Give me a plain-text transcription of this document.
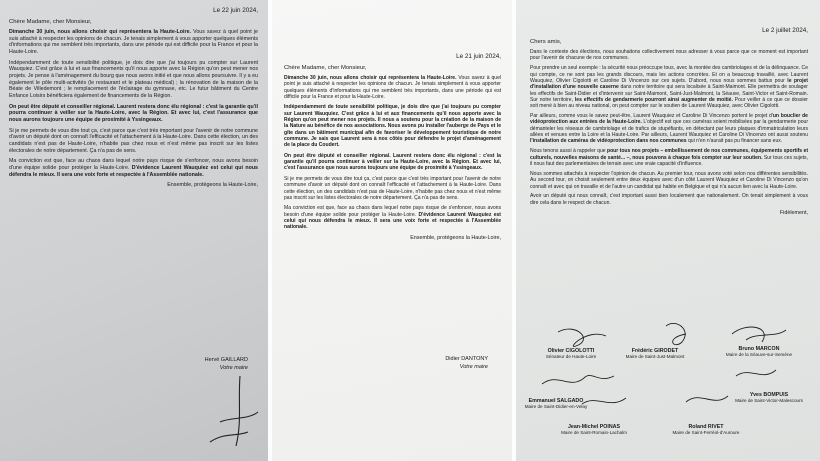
Le 22 juin 2024,
Chère Madame, cher Monsieur,

Dimanche 30 juin, nous allons choisir qui représentera la Haute-Loire. Vous savez à quel point je suis attaché à respecter les opinions de chacun. Je tenais simplement à vous apporter quelques éléments d'informations qui me semblent très importants, dans une période qui est difficile pour la France et pour la Haute-Loire.

Indépendamment de toute sensibilité politique, je dois dire que j'ai toujours pu compter sur Laurent Wauquiez. C'est grâce à lui et aux financements qu'il nous apporte avec la Région qu'on peut mener nos projets. Je pense à l'aménagement du bourg que nous avons initié et que nous allons poursuivre. Il y a eu également le pôle multi-activités (le restaurant et le plateau médical) ; la rénovation de la maison de la Béate de Villedemont ; le remplacement de l'éclairage du gymnase, etc. Le futur bâtiment du Centre Enfance Loisirs bénéficiera également de financements de la Région.

On peut être député et conseiller régional. Laurent restera donc élu régional : c'est la garantie qu'il pourra continuer à veiller sur la Haute-Loire, avec la Région. Et avec lui, c'est l'assurance que nous aurons toujours une équipe de proximité à Yssingeaux.

Si je me permets de vous dire tout ça, c'est parce que c'est très important pour l'avenir de notre commune d'avoir un député dont on connaît l'efficacité et l'attachement à la Haute-Loire. Dans cette élection, un des candidats n'est pas de Haute-Loire, n'habite pas chez nous et n'est même pas inscrit sur les listes électorales de notre département. Ça n'a pas de sens.

Ma conviction est que, face au chaos dans lequel notre pays risque de s'enfoncer, nous avons besoin d'une équipe solide pour protéger la Haute-Loire. D'évidence Laurent Wauquiez est celui qui nous défendra le mieux. Il sera une voix forte et respectée à l'Assemblée nationale.

Ensemble, protégeons la Haute-Loire,
Hervé GAILLARD
Votre maire
Le 21 juin 2024,
Chère Madame, cher Monsieur,

Dimanche 30 juin, nous allons choisir qui représentera la Haute-Loire. Vous savez à quel point je suis attaché à respecter les opinions de chacun. Je tenais simplement à vous apporter quelques éléments d'informations qui me semblent très importants, dans une période qui est difficile pour la France et pour la Haute-Loire.

Indépendamment de toute sensibilité politique, je dois dire que j'ai toujours pu compter sur Laurent Wauquiez. C'est grâce à lui et aux financements qu'il nous apporte avec la Région qu'on peut mener nos projets. Il nous a soutenu pour la création de la maison de la Nature au bénéfice de nos associations. Nous avons pu installer l'auberge de Pays et le gîte dans un bâtiment municipal afin de favoriser le développement touristique de notre commune. Je sais que Laurent sera à nos côtés pour défendre le projet d'aménagement de la place du Coudert.

On peut être député et conseiller régional. Laurent restera donc élu régional : c'est la garantie qu'il pourra continuer à veiller sur la Haute-Loire, avec la Région. Et avec lui, c'est l'assurance que nous aurons toujours une équipe de proximité à Yssingeaux.

Si je me permets de vous dire tout ça, c'est parce que c'est très important pour l'avenir de notre commune d'avoir un député dont on connaît l'efficacité et l'attachement à la Haute-Loire. Dans cette élection, un des candidats n'est pas de Haute-Loire, n'habite pas chez nous et n'est même pas inscrit sur les listes électorales de notre département. Ça n'a pas de sens.

Ma conviction est que, face au chaos dans lequel notre pays risque de s'enfoncer, nous avons besoin d'une équipe solide pour protéger la Haute-Loire. D'évidence Laurent Wauquiez est celui qui nous défendra le mieux. Il sera une voix forte et respectée à l'Assemblée nationale.

Ensemble, protégeons la Haute-Loire,
Didier DANTONY
Votre maire
Le 2 juillet 2024,
Chers amis,

Dans le contexte des élections, nous souhaitons collectivement nous adresser à vous parce que ce moment est important pour l'avenir de chacune de nos communes.

Pour prendre un seul exemple : la sécurité nous préoccupe tous, avec la montée des cambriolages et de la délinquance. Ce qui compte, ce ne sont pas les grands discours, mais les actions concrètes. Et on a beaucoup travaillé, avec Laurent Wauquiez, Olivier Cigolotti et Caroline Di Vincenzo sur ces sujets. D'abord, nous nous sommes battus pour le projet d'installation d'une nouvelle caserne dans notre territoire qui sera localisée à Saint-Maimont. Elle permettra de soulager les effectifs de Saint-Didier et d'intervenir sur Saint-Maimont, Saint-Just-Malmont, la Séauve, Saint-Victor et Saint-Romain. Sur notre territoire, les effectifs de gendarmerie pourront ainsi augmenter de moitié. Pour veiller à ce que ce dossier soit mené à bien au niveau national, on peut compter sur le soutien de Laurent Wauquiez, avec Olivier Cigolotti.

Par ailleurs, comme vous le savez peut-être, Laurent Wauquiez et Caroline Di Vincenzo portent le projet d'un bouclier de vidéoprotection aux entrées de la Haute-Loire. L'objectif est que ces caméras soient mobilisées par la gendarmerie pour démanteler les réseaux de cambriolage et de trafics de stupéfiants, en détectant par leurs plaques d'immatriculation leurs allées et venues entre la Loire et la Haute-Loire. Par ailleurs, Laurent Wauquiez et Caroline Di Vincenzo ont aussi soutenu l'installation de caméras de vidéoprotection dans nos communes qui n'en n'aurait pas pu financer sans eux.

Nous tenons aussi à rappeler que pour tous nos projets – embellissement de nos communes, équipements sportifs et culturels, nouvelles maisons de santé... –, nous pouvons à chaque fois compter sur leur soutien. Sur tous ces sujets, il nous faut des parlementaires de terrain avec une vraie capacité d'influence.

Nous sommes attachés à respecter l'opinion de chacun. Au premier tour, nous avons voté selon nos différentes sensibilités. Au second tour, on choisit seulement entre deux équipes avec d'un côté Laurent Wauquiez et Caroline Di Vincenzo qu'on connaît et avec qui on travaille et de l'autre un candidat qui habite en Belgique et qui n'a aucun lien avec la Haute-Loire.

Avoir un député qui nous connaît, c'est important aussi bien localement que nationalement. On tenait simplement à vous dire cela dans le respect de chacun.

Fidèlement,
Olivier CIGOLOTTI
Sénateur de Haute-Loire
Frédéric GIRODET
Maire de Saint-Just-Malmont
Bruno MARCON
Maire de la Séauve-sur-Semène
Emmanuel SALGADO
Maire de Saint-Didier-en-Velay
Yves BOMPUIS
Maire de Saint-Victor-Malescours
Jean-Michel POINAS
Maire de Saint-Romain-Lachalm
Roland RIVET
Maire de Saint-Ferréol-d'Auroure
